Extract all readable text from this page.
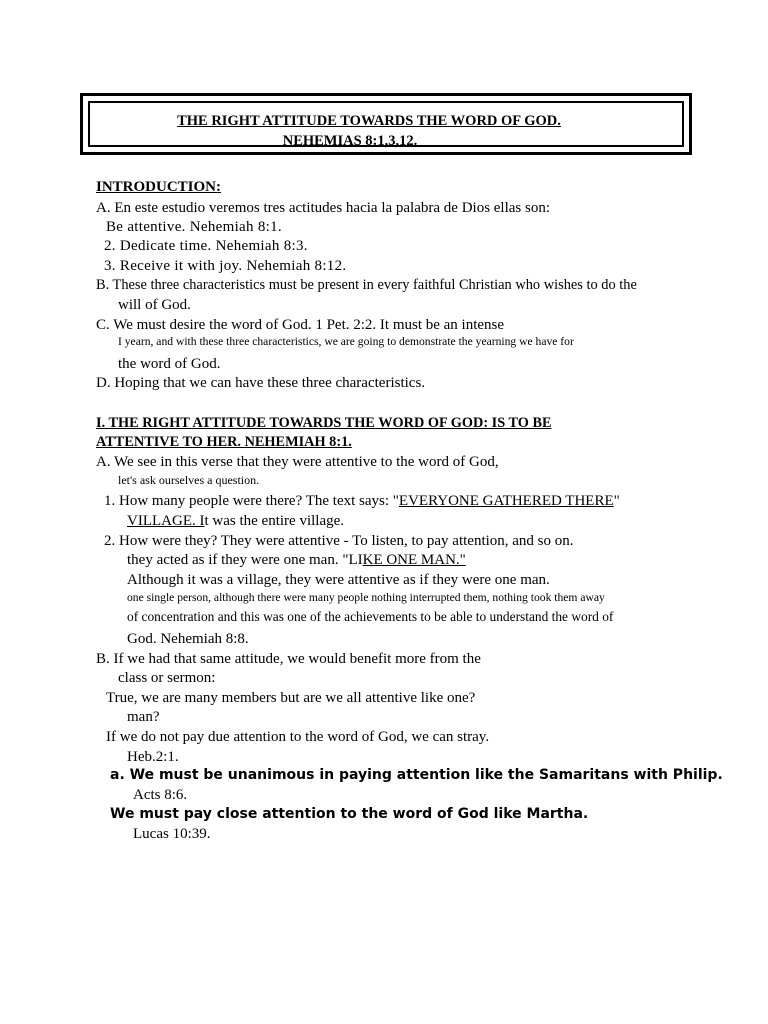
THE RIGHT ATTITUDE TOWARDS THE WORD OF GOD.
NEHEMIAS 8:1,3,12.
INTRODUCTION:
A. En este estudio veremos tres actitudes hacia la palabra de Dios ellas son:
Be attentive. Nehemiah 8:1.
2. Dedicate time. Nehemiah 8:3.
3. Receive it with joy. Nehemiah 8:12.
B. These three characteristics must be present in every faithful Christian who wishes to do the
will of God.
C. We must desire the word of God. 1 Pet. 2:2. It must be an intense
I yearn, and with these three characteristics, we are going to demonstrate the yearning we have for
the word of God.
D. Hoping that we can have these three characteristics.
I. THE RIGHT ATTITUDE TOWARDS THE WORD OF GOD: IS TO BE
ATTENTIVE TO HER. NEHEMIAH 8:1.
A. We see in this verse that they were attentive to the word of God,
let's ask ourselves a question.
1. How many people were there? The text says: "EVERYONE GATHERED THERE"
VILLAGE. It was the entire village.
2. How were they? They were attentive - To listen, to pay attention, and so on.
they acted as if they were one man. "LIKE ONE MAN."
Although it was a village, they were attentive as if they were one man.
one single person, although there were many people nothing interrupted them, nothing took them away
of concentration and this was one of the achievements to be able to understand the word of
God. Nehemiah 8:8.
B. If we had that same attitude, we would benefit more from the
class or sermon:
True, we are many members but are we all attentive like one?
man?
If we do not pay due attention to the word of God, we can stray.
Heb.2:1.
a. We must be unanimous in paying attention like the Samaritans with Philip.
Acts 8:6.
We must pay close attention to the word of God like Martha.
Lucas 10:39.
